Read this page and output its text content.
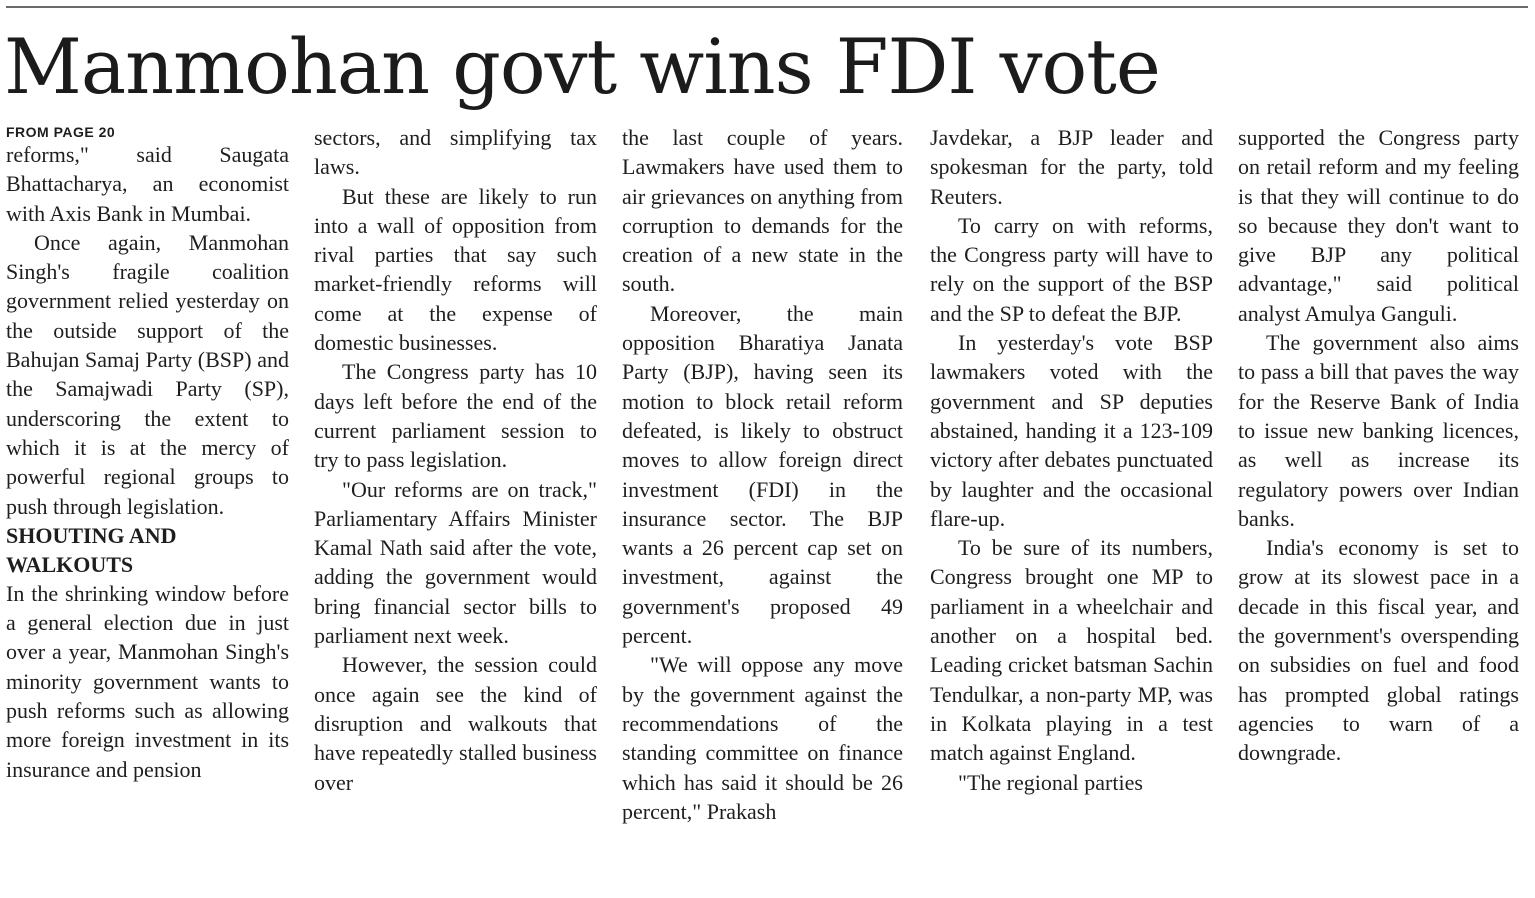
Manmohan govt wins FDI vote
FROM PAGE 20

reforms," said Saugata Bhattacharya, an economist with Axis Bank in Mumbai.

Once again, Manmohan Singh's fragile coalition government relied yesterday on the outside support of the Bahujan Samaj Party (BSP) and the Samajwadi Party (SP), underscoring the extent to which it is at the mercy of powerful regional groups to push through legislation.

SHOUTING AND WALKOUTS

In the shrinking window before a general election due in just over a year, Manmohan Singh's minority government wants to push reforms such as allowing more foreign investment in its insurance and pension

sectors, and simplifying tax laws.

But these are likely to run into a wall of opposition from rival parties that say such market-friendly reforms will come at the expense of domestic businesses.

The Congress party has 10 days left before the end of the current parliament session to try to pass legislation.

"Our reforms are on track," Parliamentary Affairs Minister Kamal Nath said after the vote, adding the government would bring financial sector bills to parliament next week.

However, the session could once again see the kind of disruption and walkouts that have repeatedly stalled business over

the last couple of years. Lawmakers have used them to air grievances on anything from corruption to demands for the creation of a new state in the south.

Moreover, the main opposition Bharatiya Janata Party (BJP), having seen its motion to block retail reform defeated, is likely to obstruct moves to allow foreign direct investment (FDI) in the insurance sector. The BJP wants a 26 percent cap set on investment, against the government's proposed 49 percent.

"We will oppose any move by the government against the recommendations of the standing committee on finance which has said it should be 26 percent," Prakash

Javdekar, a BJP leader and spokesman for the party, told Reuters.

To carry on with reforms, the Congress party will have to rely on the support of the BSP and the SP to defeat the BJP.

In yesterday's vote BSP lawmakers voted with the government and SP deputies abstained, handing it a 123-109 victory after debates punctuated by laughter and the occasional flare-up.

To be sure of its numbers, Congress brought one MP to parliament in a wheelchair and another on a hospital bed. Leading cricket batsman Sachin Tendulkar, a non-party MP, was in Kolkata playing in a test match against England.

"The regional parties

supported the Congress party on retail reform and my feeling is that they will continue to do so because they don't want to give BJP any political advantage," said political analyst Amulya Ganguli.

The government also aims to pass a bill that paves the way for the Reserve Bank of India to issue new banking licences, as well as increase its regulatory powers over Indian banks.

India's economy is set to grow at its slowest pace in a decade in this fiscal year, and the government's overspending on subsidies on fuel and food has prompted global ratings agencies to warn of a downgrade.
